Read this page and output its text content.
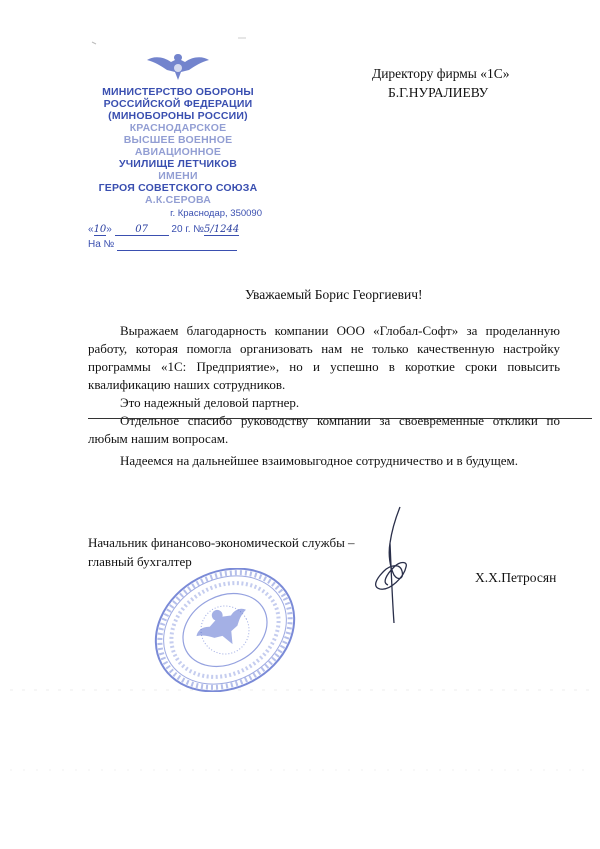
МИНИСТЕРСТВО ОБОРОНЫ
РОССИЙСКОЙ ФЕДЕРАЦИИ
(МИНОБОРОНЫ РОССИИ)
КРАСНОДАРСКОЕ
ВЫСШЕЕ ВОЕННОЕ
АВИАЦИОННОЕ
УЧИЛИЩЕ ЛЕТЧИКОВ
ИМЕНИ
ГЕРОЯ СОВЕТСКОГО СОЮЗА
А.К.СЕРОВА
г. Краснодар, 350090
«10» 07 20 г. №5/1244
На №
Директору фирмы «1С»
Б.Г.НУРАЛИЕВУ
Уважаемый Борис Георгиевич!

Выражаем благодарность компании ООО «Глобал-Софт» за проделанную работу, которая помогла организовать нам не только качественную настройку программы «1С: Предприятие», но и успешно в короткие сроки повысить квалификацию наших сотрудников.

Это надежный деловой партнер.

Отдельное спасибо руководству компании за своевременные отклики по любым нашим вопросам.

Надеемся на дальнейшее взаимовыгодное сотрудничество и в будущем.

Начальник финансово-экономической службы –
главный бухгалтер
Х.Х.Петросян
